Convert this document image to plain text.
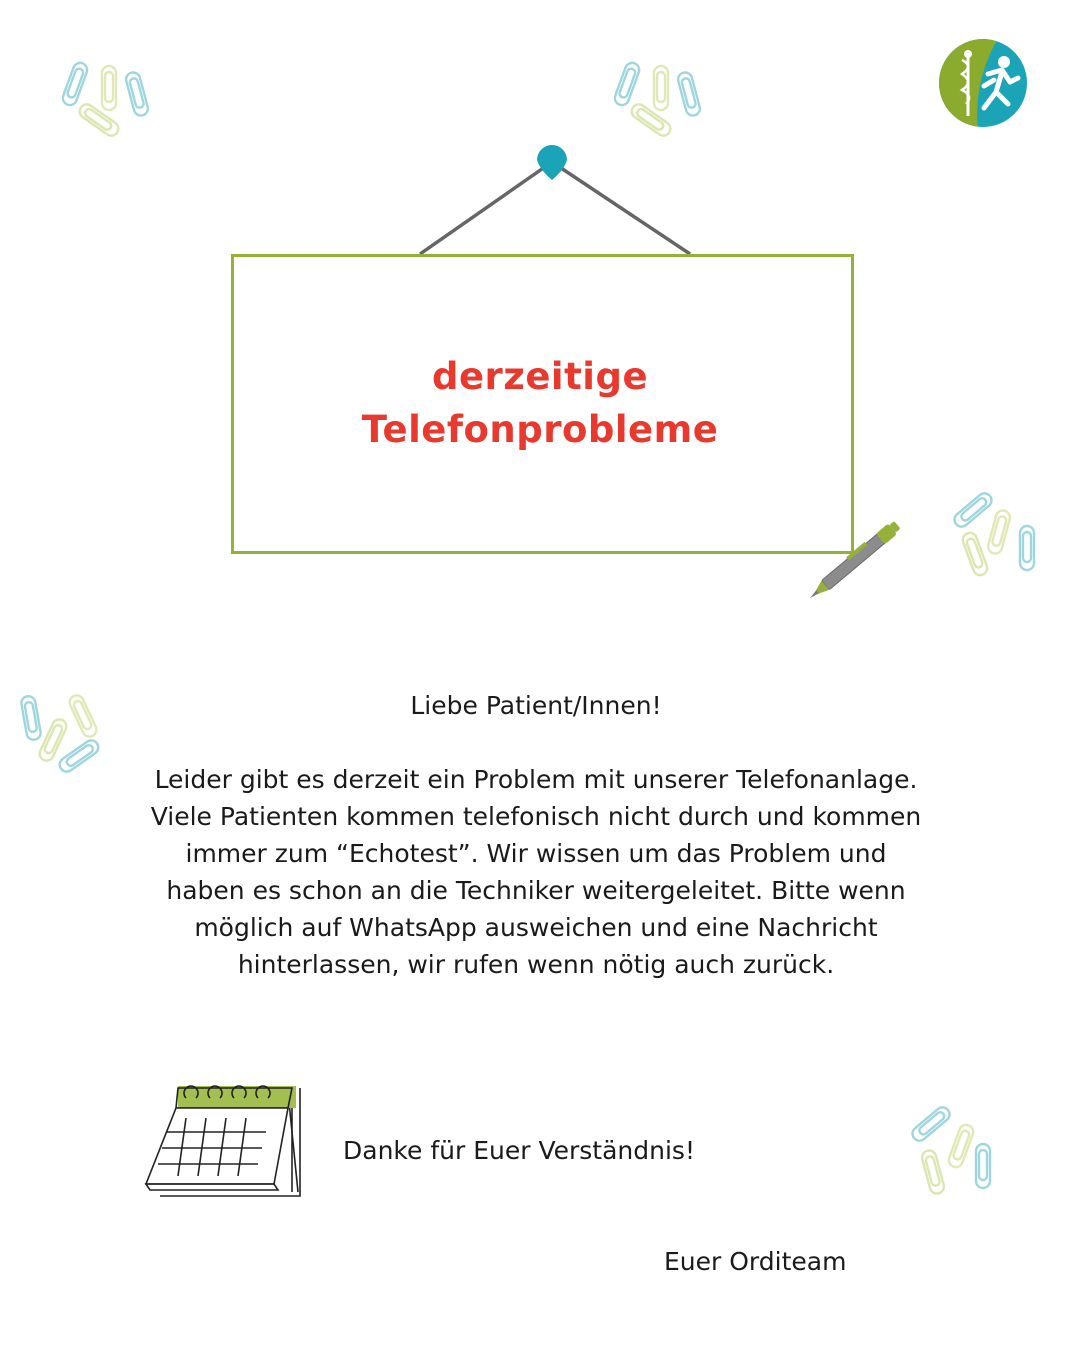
derzeitige
Telefonprobleme
Liebe Patient/Innen!
Leider gibt es derzeit ein Problem mit unserer Telefonanlage. Viele Patienten kommen telefonisch nicht durch und kommen immer zum “Echotest”. Wir wissen um das Problem und haben es schon an die Techniker weitergeleitet. Bitte wenn möglich auf WhatsApp ausweichen und eine Nachricht hinterlassen, wir rufen wenn nötig auch zurück.
Danke für Euer Verständnis!
Euer Orditeam
